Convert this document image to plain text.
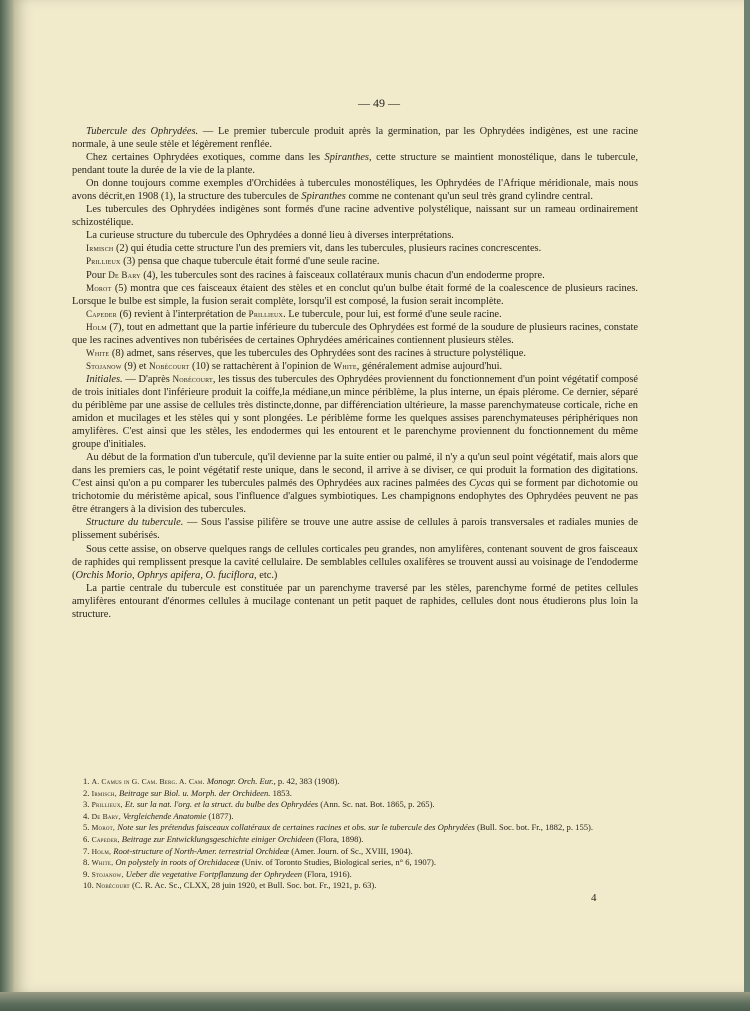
— 49 —

Tubercule des Ophrydées. — Le premier tubercule produit après la germination, par les Ophrydées indigènes, est une racine normale, à une seule stèle et légèrement renflée.

Chez certaines Ophrydées exotiques, comme dans les Spiranthes, cette structure se maintient monostélique, dans le tubercule, pendant toute la durée de la vie de la plante.

On donne toujours comme exemples d'Orchidées à tubercules monostéliques, les Ophrydées de l'Afrique méridionale, mais nous avons décrit,en 1908 (1), la structure des tubercules de Spiranthes comme ne contenant qu'un seul très grand cylindre central.

Les tubercules des Ophrydées indigènes sont formés d'une racine adventive polystélique, naissant sur un rameau ordinairement schizostélique.

La curieuse structure du tubercule des Ophrydées a donné lieu à diverses interprétations.

Irmisch (2) qui étudia cette structure l'un des premiers vit, dans les tubercules, plusieurs racines concrescentes.

Prillieux (3) pensa que chaque tubercule était formé d'une seule racine.

Pour De Bary (4), les tubercules sont des racines à faisceaux collatéraux munis chacun d'un endoderme propre.

Morot (5) montra que ces faisceaux étaient des stèles et en conclut qu'un bulbe était formé de la coalescence de plusieurs racines. Lorsque le bulbe est simple, la fusion serait complète, lorsqu'il est composé, la fusion serait incomplète.

Capeder (6) revient à l'interprétation de Prillieux. Le tubercule, pour lui, est formé d'une seule racine.

Holm (7), tout en admettant que la partie inférieure du tubercule des Ophrydées est formé de la soudure de plusieurs racines, constate que les racines adventives non tubérisées de certaines Ophrydées américaines contiennent plusieurs stèles.

White (8) admet, sans réserves, que les tubercules des Ophrydées sont des racines à structure polystélique.

Stojanow (9) et Nobécourt (10) se rattachèrent à l'opinion de White, généralement admise aujourd'hui.

Initiales. — D'après Nobécourt, les tissus des tubercules des Ophrydées proviennent du fonctionnement d'un point végétatif composé de trois initiales dont l'inférieure produit la coiffe,la médiane,un mince périblème, la plus interne, un épais plérome. Ce dernier, séparé du périblème par une assise de cellules très distincte,donne, par différenciation ultérieure, la masse parenchymateuse corticale, riche en amidon et mucilages et les stèles qui y sont plongées. Le périblème forme les quelques assises parenchymateuses périphériques non amylifères. C'est ainsi que les stèles, les endodermes qui les entourent et le parenchyme proviennent du fonctionnement du même groupe d'initiales.

Au début de la formation d'un tubercule, qu'il devienne par la suite entier ou palmé, il n'y a qu'un seul point végétatif, mais alors que dans les premiers cas, le point végétatif reste unique, dans le second, il arrive à se diviser, ce qui produit la formation des digitations. C'est ainsi qu'on a pu comparer les tubercules palmés des Ophrydées aux racines palmées des Cycas qui se forment par dichotomie ou trichotomie du méristème apical, sous l'influence d'algues symbiotiques. Les champignons endophytes des Ophrydées peuvent ne pas être étrangers à la division des tubercules.

Structure du tubercule. — Sous l'assise pilifère se trouve une autre assise de cellules à parois transversales et radiales munies de plissement subérisés.

Sous cette assise, on observe quelques rangs de cellules corticales peu grandes, non amylifères, contenant souvent de gros faisceaux de raphides qui remplissent presque la cavité cellulaire. De semblables cellules oxalifères se trouvent aussi au voisinage de l'endoderme (Orchis Morio, Ophrys apifera, O. fuciflora, etc.)

La partie centrale du tubercule est constituée par un parenchyme traversé par les stèles, parenchyme formé de petites cellules amylifères entourant d'énormes cellules à mucilage contenant un petit paquet de raphides, cellules dont nous étudierons plus loin la structure.

1. A. Camus in G. Cam. Berg. A. Cam. Monogr. Orch. Eur., p. 42, 383 (1908).

2. Irmisch, Beitrage sur Biol. u. Morph. der Orchideen. 1853.

3. Prillieux, Et. sur la nat. l'org. et la struct. du bulbe des Ophrydées (Ann. Sc. nat. Bot. 1865, p. 265).

4. De Bary, Vergleichende Anatomie (1877).

5. Morot, Note sur les prétendus faisceaux collatéraux de certaines racines et obs. sur le tubercule des Ophrydées (Bull. Soc. bot. Fr., 1882, p. 155).

6. Capeder, Beitrage zur Entwicklungsgeschichte einiger Orchideen (Flora, 1898).

7. Holm, Root-structure of North-Amer. terrestrial Orchideæ (Amer. Journ. of Sc., XVIII, 1904).

8. White, On polystely in roots of Orchidaceæ (Univ. of Toronto Studies, Biological series, n° 6, 1907).

9. Stojanow, Ueber die vegetative Fortpflanzung der Ophrydeen (Flora, 1916).

10. Nobécourt (C. R. Ac. Sc., CLXX, 28 juin 1920, et Bull. Soc. bot. Fr., 1921, p. 63).

4
